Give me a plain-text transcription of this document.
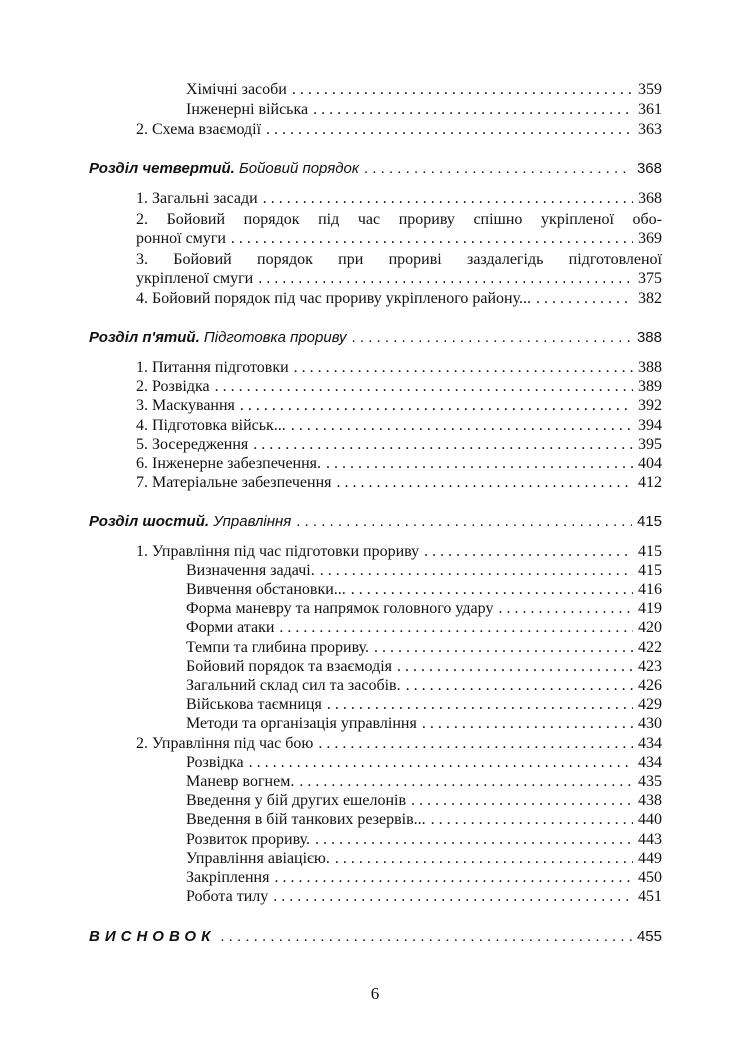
Хімічні засоби . . .	359
Інженерні війська . . .	361
2. Схема взаємодії . . .	363
Розділ четвертий. Бойовий порядок . . .	368
1. Загальні засади . . .	368
2. Бойовий порядок під час прориву спішно укріпленої обо-
ронної смуги . . .	369
3. Бойовий порядок при прориві заздалегідь підготовленої
укріпленої смуги . . .	375
4. Бойовий порядок під час прориву укріпленого району... . . .	382
Розділ п'ятий. Підготовка прориву . . .	388
1. Питання підготовки . . .	388
2. Розвідка . . .	389
3. Маскування . . .	392
4. Підготовка військ... . . .	394
5. Зосередження . . .	395
6. Інженерне забезпечення. . . .	404
7. Матеріальне забезпечення . . .	412
Розділ шостий. Управління . . .	415
1. Управління під час підготовки прориву . . .	415
Визначення задачі. . . .	415
Вивчення обстановки... . . .	416
Форма маневру та напрямок головного удару . . .	419
Форми атаки . . .	420
Темпи та глибина прориву. . . .	422
Бойовий порядок та взаємодія . . .	423
Загальний склад сил та засобів. . . .	426
Військова таємниця . . .	429
Методи та організація управління . . .	430
2. Управління під час бою . . .	434
Розвідка . . .	434
Маневр вогнем. . . .	435
Введення у бій других ешелонів . . .	438
Введення в бій танкових резервів... . . .	440
Розвиток прориву. . . .	443
Управління авіацією. . . .	449
Закріплення . . .	450
Робота тилу . . .	451
ВИСНОВОК . . .	455
6
